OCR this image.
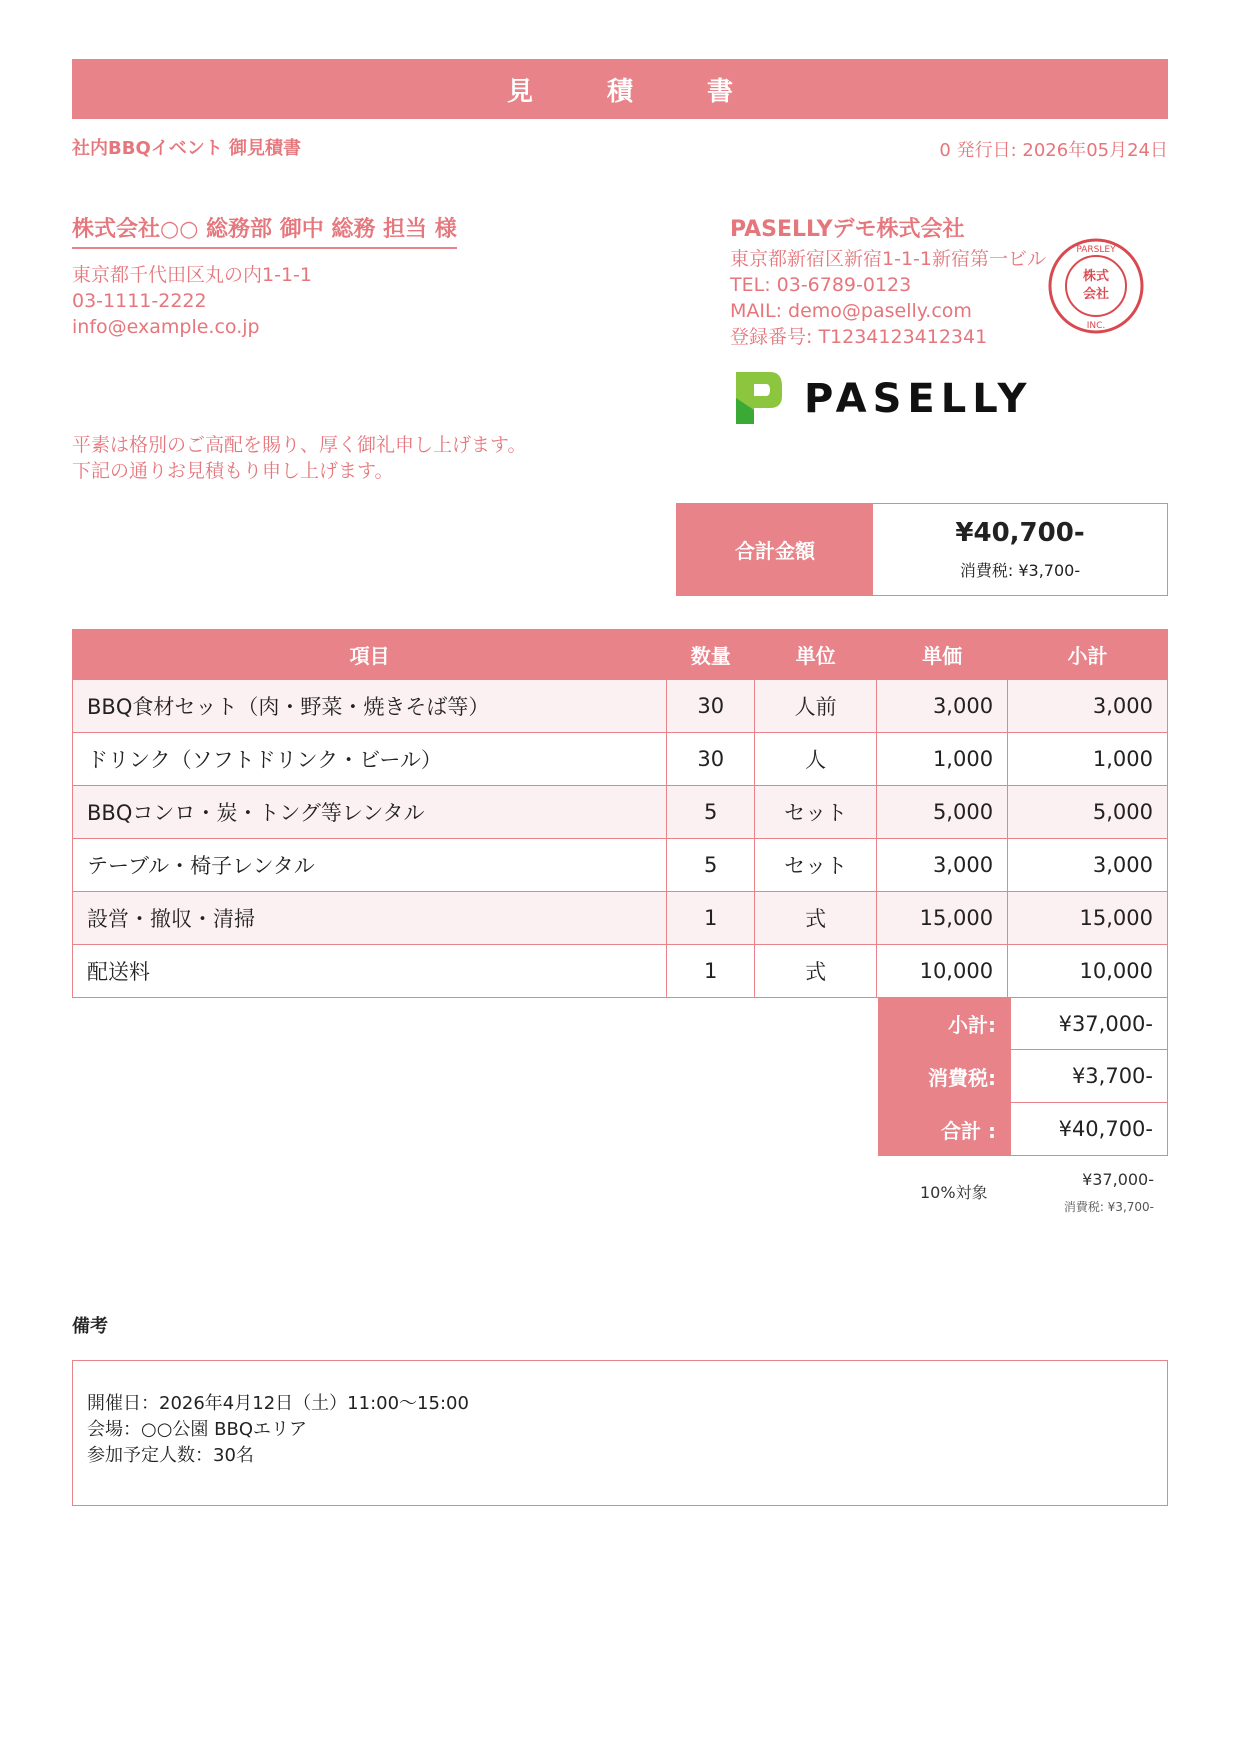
見　積　書
社内BBQイベント 御見積書	0 発行日: 2026年05月24日
株式会社○○ 総務部 御中 総務 担当 様
東京都千代田区丸の内1-1-1
03-1111-2222
info@example.co.jp
PASELLYデモ株式会社
東京都新宿区新宿1-1-1新宿第一ビル
TEL: 03-6789-0123
MAIL: demo@paselly.com
登録番号: T1234123412341
株式
会社
PARSLEY
INC.
PASELLY
平素は格別のご高配を賜り、厚く御礼申し上げます。
下記の通りお見積もり申し上げます。
合計金額
¥40,700-
消費税: ¥3,700-
項目	数量	単位	単価	小計
BBQ食材セット（肉・野菜・焼きそば等）	30	人前	3,000	3,000
ドリンク（ソフトドリンク・ビール）	30	人	1,000	1,000
BBQコンロ・炭・トング等レンタル	5	セット	5,000	5,000
テーブル・椅子レンタル	5	セット	3,000	3,000
設営・撤収・清掃	1	式	15,000	15,000
配送料	1	式	10,000	10,000
小計:	¥37,000-
消費税:	¥3,700-
合計 :	¥40,700-
10%対象
¥37,000-
消費税: ¥3,700-
備考
開催日：2026年4月12日（土）11:00〜15:00
会場：○○公園 BBQエリア
参加予定人数：30名
